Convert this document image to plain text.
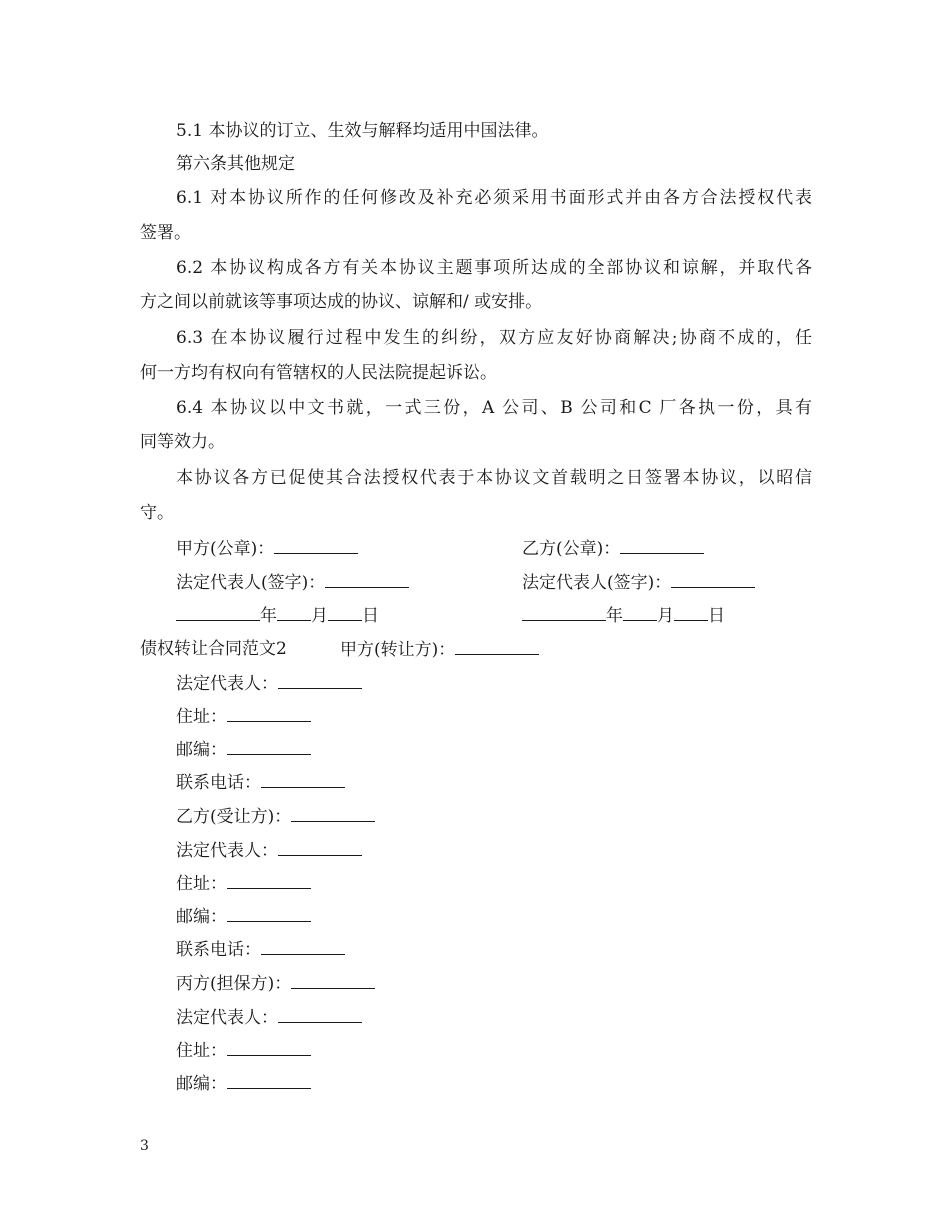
5.1 本协议的订立、生效与解释均适用中国法律。
第六条其他规定
6.1 对本协议所作的任何修改及补充必须采用书面形式并由各方合法授权代表
签署。
6.2 本协议构成各方有关本协议主题事项所达成的全部协议和谅解，并取代各
方之间以前就该等事项达成的协议、谅解和/ 或安排。
6.3 在本协议履行过程中发生的纠纷，双方应友好协商解决;协商不成的，任
何一方均有权向有管辖权的人民法院提起诉讼。
6.4 本协议以中文书就，一式三份，A 公司、B 公司和C 厂各执一份，具有
同等效力。
本协议各方已促使其合法授权代表于本协议文首载明之日签署本协议，以昭信
守。
甲方(公章)：	乙方(公章)：
法定代表人(签字)：	法定代表人(签字)：
年 月 日	年 月 日
债权转让合同范文2	甲方(转让方)：
法定代表人：
住址：
邮编：
联系电话：
乙方(受让方)：
法定代表人：
住址：
邮编：
联系电话：
丙方(担保方)：
法定代表人：
住址：
邮编：
3
